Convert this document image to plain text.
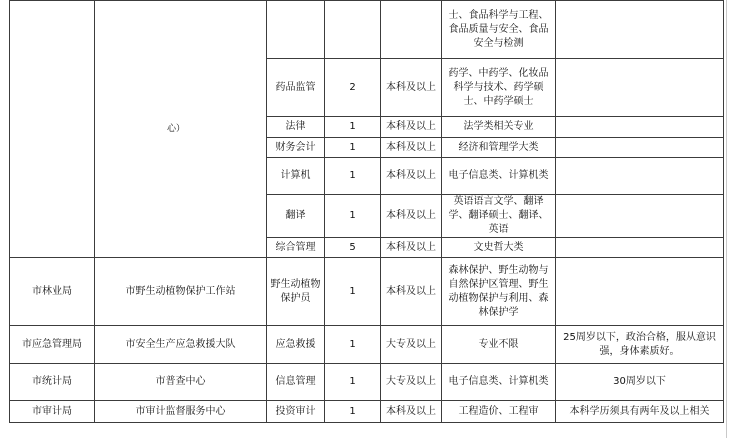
	心）				士、食品科学与工程、食品质量与安全、食品安全与检测	
		药品监管	2	本科及以上	药学、中药学、化妆品科学与技术、药学硕士、中药学硕士	
		法律	1	本科及以上	法学类相关专业	
		财务会计	1	本科及以上	经济和管理学大类	
		计算机	1	本科及以上	电子信息类、计算机类	
		翻译	1	本科及以上	英语语言文学、翻译学、翻译硕士、翻译、英语	
		综合管理	5	本科及以上	文史哲大类	
市林业局	市野生动植物保护工作站	野生动植物保护员	1	本科及以上	森林保护、野生动物与自然保护区管理、野生动植物保护与利用、森林保护学	
市应急管理局	市安全生产应急救援大队	应急救援	1	大专及以上	专业不限	25周岁以下，政治合格，服从意识强，身体素质好。
市统计局	市普查中心	信息管理	1	大专及以上	电子信息类、计算机类	30周岁以下
市审计局	市审计监督服务中心	投资审计	1	本科及以上	工程造价、工程审	本科学历须具有两年及以上相关
